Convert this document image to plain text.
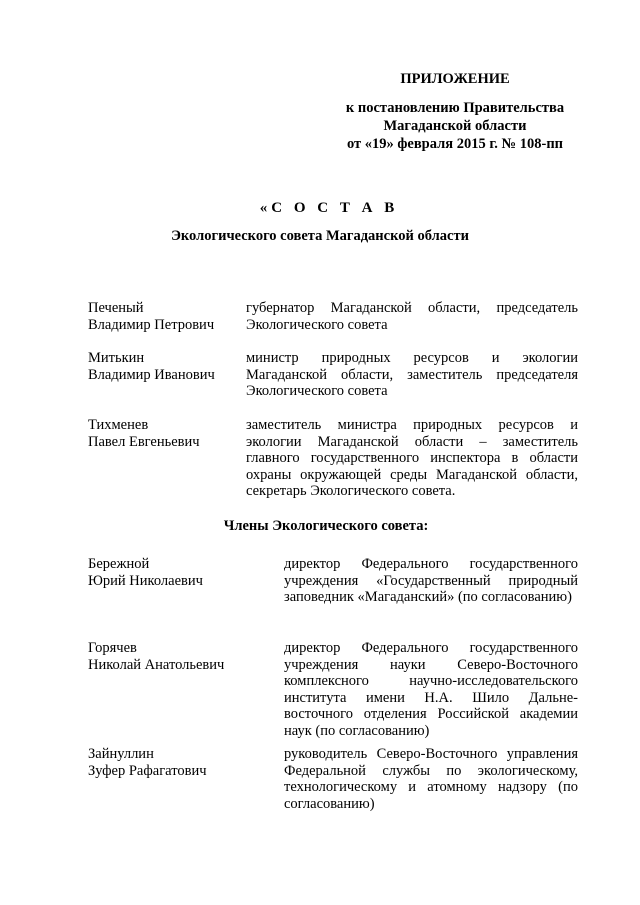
ПРИЛОЖЕНИЕ
к постановлению Правительства
Магаданской области
от «19» февраля 2015 г. № 108-пп
«С О С Т А В
Экологического совета Магаданской области
Печеный
Владимир Петрович
губернатор Магаданской области, председатель Экологического совета
Митькин
Владимир Иванович
министр природных ресурсов и экологии Магаданской области, заместитель председателя Экологического совета
Тихменев
Павел Евгеньевич
заместитель министра природных ресурсов и экологии Магаданской области – заместитель главного государственного инспектора в области охраны окружающей среды Магаданской области, секретарь Экологического совета.
Члены Экологического совета:
Бережной
Юрий Николаевич
директор Федерального государственного учреждения «Государственный природный заповедник «Магаданский» (по согласованию)
Горячев
Николай Анатольевич
директор Федерального государственного учреждения науки Северо-Восточного комплексного научно-исследовательского института имени Н.А. Шило Дальневосточного отделения Российской академии наук (по согласованию)
Зайнуллин
Зуфер Рафагатович
руководитель Северо-Восточного управления Федеральной службы по экологическому, технологическому и атомному надзору (по согласованию)
